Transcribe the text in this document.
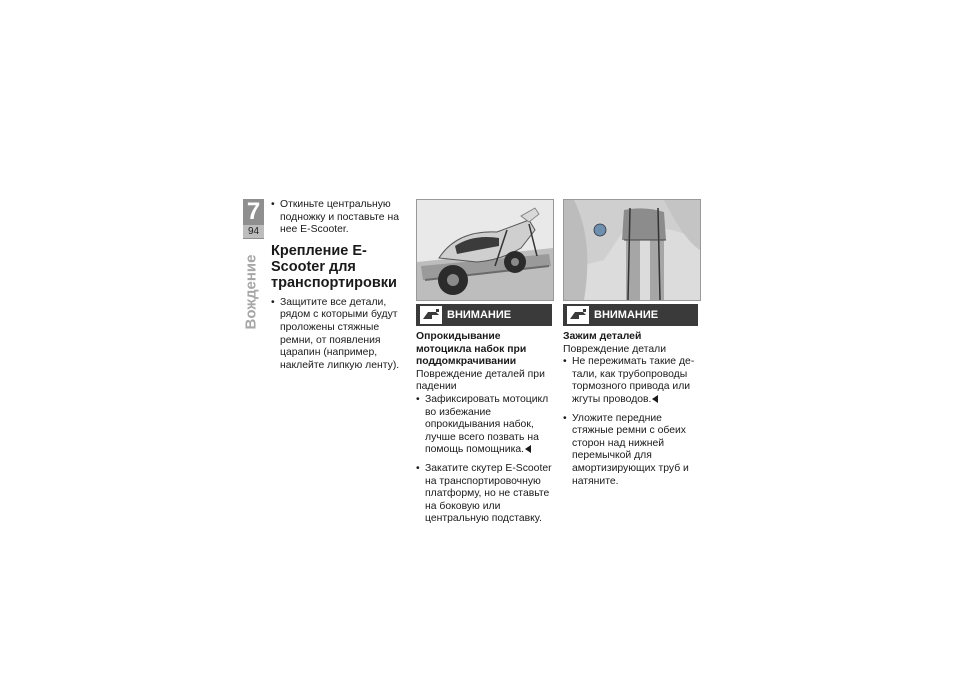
7
94
Вождение
• Откиньте центральную подножку и поставьте на нее E-Scooter.
Крепление E-Scooter для транспортировки
• Защитите все детали, рядом с которыми будут проложены стяжные ремни, от появления царапин (например, наклейте липкую ленту).
ВНИМАНИЕ
Опрокидывание мотоцикла набок при поддомкрачивании
Повреждение деталей при падении
• Зафиксировать мотоцикл во избежание опрокидывания набок, лучше всего позвать на помощь помощника.
• Закатите скутер E-Scooter на транспортировочную платформу, но не ставьте на боковую или центральную подставку.
ВНИМАНИЕ
Зажим деталей
Повреждение детали
• Не пережимать такие детали, как трубопроводы тормозного привода или жгуты проводов.
• Уложите передние стяжные ремни с обеих сторон над нижней перемычкой для амортизирующих труб и натяните.
